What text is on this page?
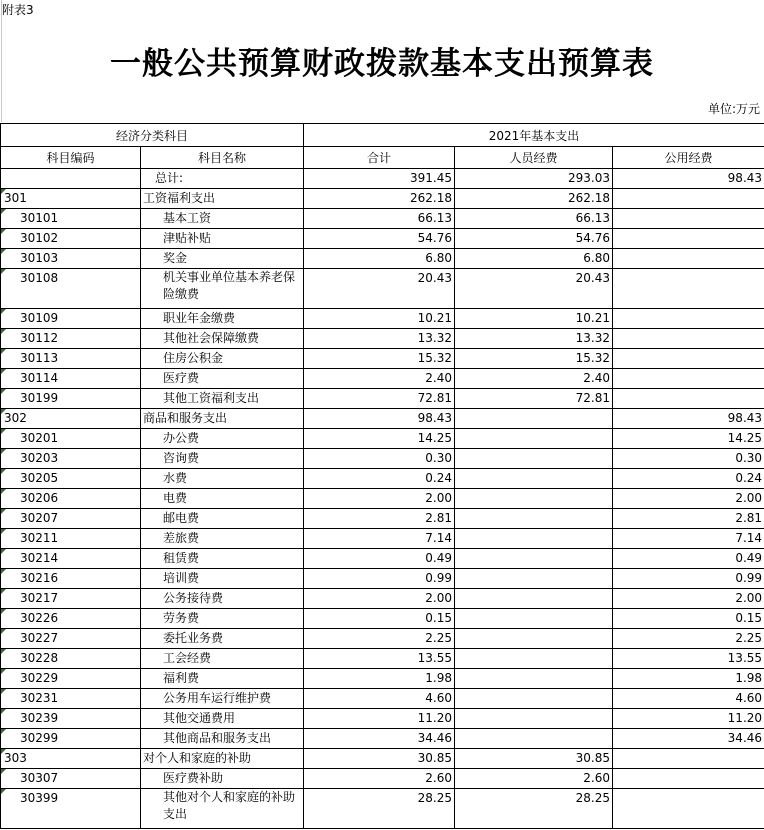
附表3
一般公共预算财政拨款基本支出预算表
单位:万元
经济分类科目		2021年基本支出		
科目编码	科目名称	合计	人员经费	公用经费
	总计:	391.45	293.03	98.43
301	工资福利支出	262.18	262.18	
30101	基本工资	66.13	66.13	
30102	津贴补贴	54.76	54.76	
30103	奖金	6.80	6.80	
30108	机关事业单位基本养老保险缴费	20.43	20.43	
30109	职业年金缴费	10.21	10.21	
30112	其他社会保障缴费	13.32	13.32	
30113	住房公积金	15.32	15.32	
30114	医疗费	2.40	2.40	
30199	其他工资福利支出	72.81	72.81	
302	商品和服务支出	98.43		98.43
30201	办公费	14.25		14.25
30203	咨询费	0.30		0.30
30205	水费	0.24		0.24
30206	电费	2.00		2.00
30207	邮电费	2.81		2.81
30211	差旅费	7.14		7.14
30214	租赁费	0.49		0.49
30216	培训费	0.99		0.99
30217	公务接待费	2.00		2.00
30226	劳务费	0.15		0.15
30227	委托业务费	2.25		2.25
30228	工会经费	13.55		13.55
30229	福利费	1.98		1.98
30231	公务用车运行维护费	4.60		4.60
30239	其他交通费用	11.20		11.20
30299	其他商品和服务支出	34.46		34.46
303	对个人和家庭的补助	30.85	30.85	
30307	医疗费补助	2.60	2.60	
30399	其他对个人和家庭的补助支出	28.25	28.25	
